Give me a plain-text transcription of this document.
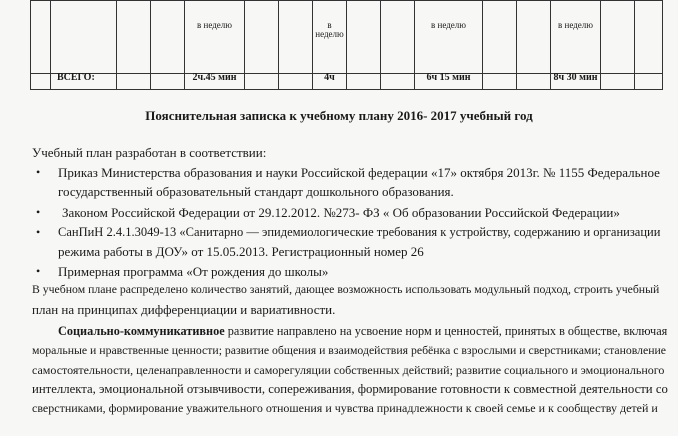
				в неделю			в неделю			в неделю			в неделю		
	ВСЕГО:			2ч.45 мин			4ч			6ч 15 мин			8ч 30 мин		
Пояснительная записка к учебному плану 2016- 2017 учебный год
Учебный план разработан в соответствии:
• Приказ Министерства образования и науки Российской федерации «17» октября 2013г. № 1155 Федеральное
государственный образовательный стандарт дошкольного образования.
• Законом Российской Федерации от 29.12.2012. №273- ФЗ « Об образовании Российской Федерации»
• СанПиН 2.4.1.3049-13 «Санитарно — эпидемиологические требования к устройству, содержанию и организации
режима работы в ДОУ» от 15.05.2013. Регистрационный номер 26
• Примерная программа «От рождения до школы»
В учебном плане распределено количество занятий, дающее возможность использовать модульный подход, строить учебный
план на принципах дифференциации и вариативности.
Социально-коммуникативное развитие направлено на усвоение норм и ценностей, принятых в обществе, включая
моральные и нравственные ценности; развитие общения и взаимодействия ребёнка с взрослыми и сверстниками; становление
самостоятельности, целенаправленности и саморегуляции собственных действий; развитие социального и эмоционального
интеллекта, эмоциональной отзывчивости, сопереживания, формирование готовности к совместной деятельности со
сверстниками, формирование уважительного отношения и чувства принадлежности к своей семье и к сообществу детей и
